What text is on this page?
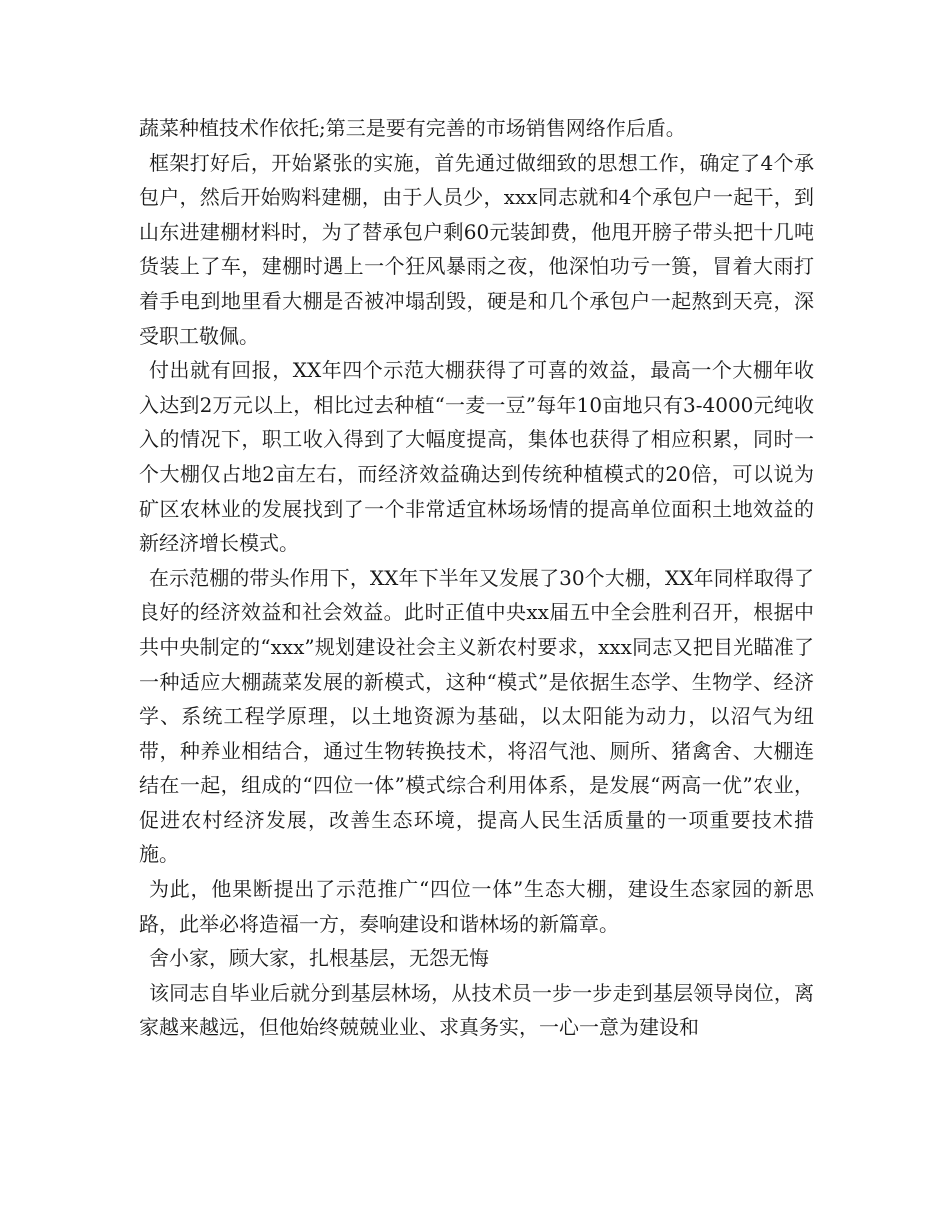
蔬菜种植技术作依托;第三是要有完善的市场销售网络作后盾。

框架打好后，开始紧张的实施，首先通过做细致的思想工作，确定了4个承包户，然后开始购料建棚，由于人员少，xxx同志就和4个承包户一起干，到山东进建棚材料时，为了替承包户剩60元装卸费，他甩开膀子带头把十几吨货装上了车，建棚时遇上一个狂风暴雨之夜，他深怕功亏一篑，冒着大雨打着手电到地里看大棚是否被冲塌刮毁，硬是和几个承包户一起熬到天亮，深受职工敬佩。

付出就有回报，XX年四个示范大棚获得了可喜的效益，最高一个大棚年收入达到2万元以上，相比过去种植“一麦一豆”每年10亩地只有3-4000元纯收入的情况下，职工收入得到了大幅度提高，集体也获得了相应积累，同时一个大棚仅占地2亩左右，而经济效益确达到传统种植模式的20倍，可以说为矿区农林业的发展找到了一个非常适宜林场场情的提高单位面积土地效益的新经济增长模式。

在示范棚的带头作用下，XX年下半年又发展了30个大棚，XX年同样取得了良好的经济效益和社会效益。此时正值中央xx届五中全会胜利召开，根据中共中央制定的“xxx”规划建设社会主义新农村要求，xxx同志又把目光瞄准了一种适应大棚蔬菜发展的新模式，这种“模式”是依据生态学、生物学、经济学、系统工程学原理，以土地资源为基础，以太阳能为动力，以沼气为纽带，种养业相结合，通过生物转换技术，将沼气池、厕所、猪禽舍、大棚连结在一起，组成的“四位一体”模式综合利用体系，是发展“两高一优”农业，促进农村经济发展，改善生态环境，提高人民生活质量的一项重要技术措施。

为此，他果断提出了示范推广“四位一体”生态大棚，建设生态家园的新思路，此举必将造福一方，奏响建设和谐林场的新篇章。

舍小家，顾大家，扎根基层，无怨无悔

该同志自毕业后就分到基层林场，从技术员一步一步走到基层领导岗位，离家越来越远，但他始终兢兢业业、求真务实，一心一意为建设和
